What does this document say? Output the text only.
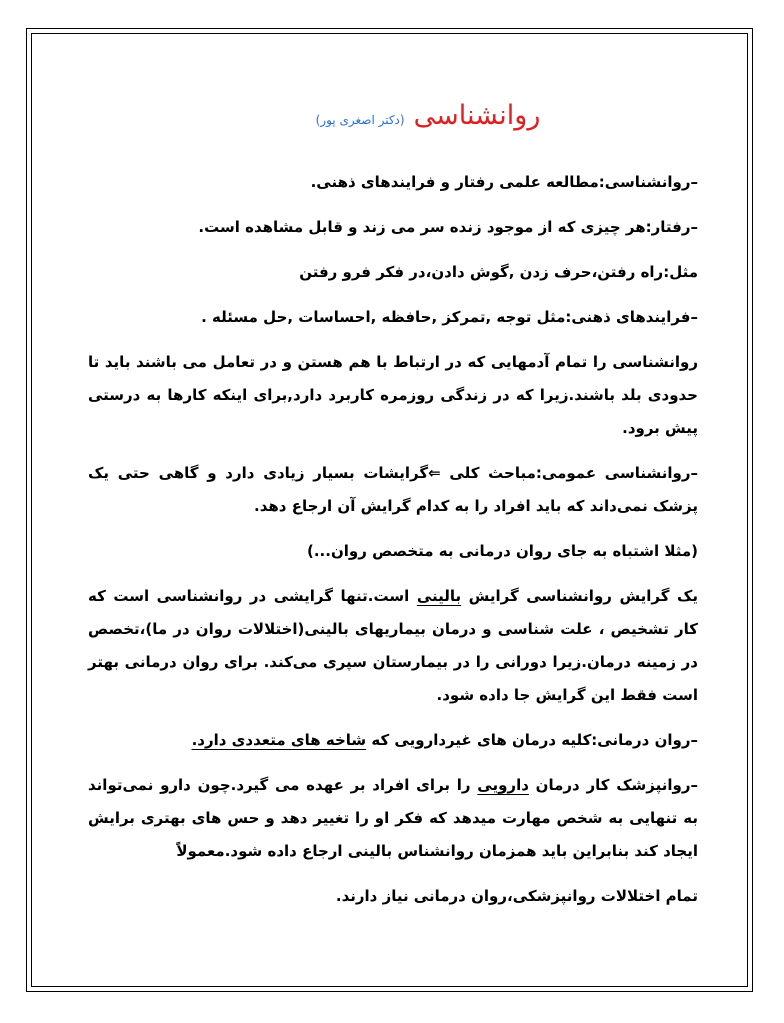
روانشناسی (دکتر اصغری پور)

–روانشناسی:مطالعه علمی رفتار و فرایندهای ذهنی.

–رفتار:هر چیزی که از موجود زنده سر می زند و قابل مشاهده است.

مثل:راه رفتن،حرف زدن ,گوش دادن،در فکر فرو رفتن

–فرایندهای ذهنی:مثل توجه ,تمرکز ,حافظه ,احساسات ,حل مسئله .

روانشناسی را تمام آدمهایی که در ارتباط با هم هستن و در تعامل می باشند باید تا حدودی بلد باشند.زیرا که در زندگی روزمره کاربرد دارد,برای اینکه کارها به درستی پیش برود.

–روانشناسی عمومی:مباحث کلی ⇐گرایشات بسیار زیادی دارد و گاهی حتی یک پزشک نمی‌داند که باید افراد را به کدام گرایش آن ارجاع دهد.

(مثلا اشتباه به جای روان درمانی به متخصص روان...)

یک گرایش روانشناسی گرایش بالینی است.تنها گرایشی در روانشناسی است که کار تشخیص ، علت شناسی و درمان بیماریهای بالینی(اختلالات روان در ما)،تخصص در زمینه درمان.زیرا دورانی را در بیمارستان سپری می‌کند. برای روان درمانی بهتر است فقط این گرایش جا داده شود.

–روان درمانی:کلیه درمان های غیردارویی که شاخه های متعددی دارد.

–روانپزشک کار درمان دارویی را برای افراد بر عهده می گیرد.چون دارو نمی‌تواند به تنهایی به شخص مهارت میدهد که فکر او را تغییر دهد و حس های بهتری برایش ایجاد کند بنابراین باید همزمان روانشناس بالینی ارجاع داده شود.معمولاً

تمام اختلالات روانپزشکی،روان درمانی نیاز دارند.
